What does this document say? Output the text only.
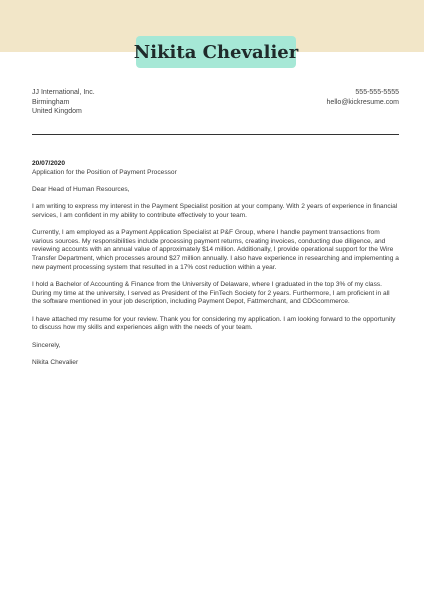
Nikita Chevalier
JJ International, Inc.
Birmingham
United Kingdom
555-555-5555
hello@kickresume.com

20/07/2020

Application for the Position of Payment Processor

Dear Head of Human Resources,

I am writing to express my interest in the Payment Specialist position at your company. With 2 years of experience in financial services, I am confident in my ability to contribute effectively to your team.

Currently, I am employed as a Payment Application Specialist at P&F Group, where I handle payment transactions from various sources. My responsibilities include processing payment returns, creating invoices, conducting due diligence, and reviewing accounts with an annual value of approximately $14 million. Additionally, I provide operational support for the Wire Transfer Department, which processes around $27 million annually. I also have experience in researching and implementing a new payment processing system that resulted in a 17% cost reduction within a year.

I hold a Bachelor of Accounting & Finance from the University of Delaware, where I graduated in the top 3% of my class. During my time at the university, I served as President of the FinTech Society for 2 years. Furthermore, I am proficient in all the software mentioned in your job description, including Payment Depot, Fattmerchant, and CDGcommerce.

I have attached my resume for your review. Thank you for considering my application. I am looking forward to the opportunity to discuss how my skills and experiences align with the needs of your team.

Sincerely,

Nikita Chevalier
